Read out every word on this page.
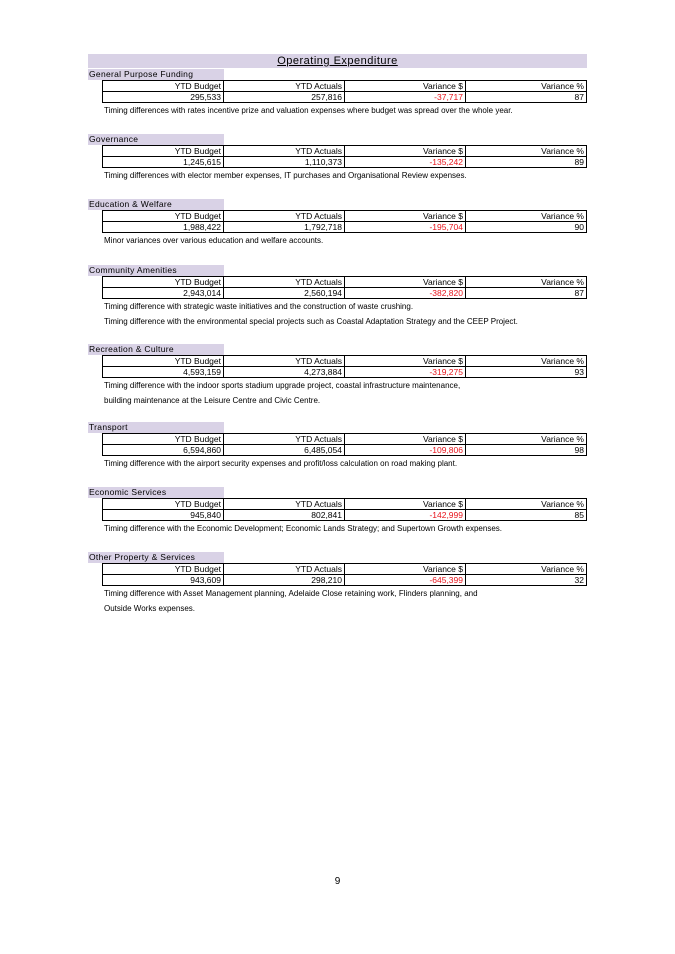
Operating Expenditure
General Purpose Funding
YTD Budget	YTD Actuals	Variance $	Variance %
295,533	257,816	-37,717	87
Timing differences with rates incentive prize and valuation expenses where budget was spread over the whole year.
Governance
YTD Budget	YTD Actuals	Variance $	Variance %
1,245,615	1,110,373	-135,242	89
Timing differences with elector member expenses, IT purchases and Organisational Review expenses.
Education & Welfare
YTD Budget	YTD Actuals	Variance $	Variance %
1,988,422	1,792,718	-195,704	90
Minor variances over various education and welfare accounts.
Community Amenities
YTD Budget	YTD Actuals	Variance $	Variance %
2,943,014	2,560,194	-382,820	87
Timing difference with strategic waste initiatives and the construction of waste crushing.
Timing difference with the environmental special projects such as Coastal Adaptation Strategy and the CEEP Project.
Recreation & Culture
YTD Budget	YTD Actuals	Variance $	Variance %
4,593,159	4,273,884	-319,275	93
Timing difference with the indoor sports stadium upgrade project, coastal infrastructure maintenance,
building maintenance at the Leisure Centre and Civic Centre.
Transport
YTD Budget	YTD Actuals	Variance $	Variance %
6,594,860	6,485,054	-109,806	98
Timing difference with the airport security expenses and profit/loss calculation on road making plant.
Economic Services
YTD Budget	YTD Actuals	Variance $	Variance %
945,840	802,841	-142,999	85
Timing difference with the Economic Development; Economic Lands Strategy; and Supertown Growth expenses.
Other Property & Services
YTD Budget	YTD Actuals	Variance $	Variance %
943,609	298,210	-645,399	32
Timing difference with Asset Management planning, Adelaide Close retaining work, Flinders planning, and
Outside Works expenses.
9
